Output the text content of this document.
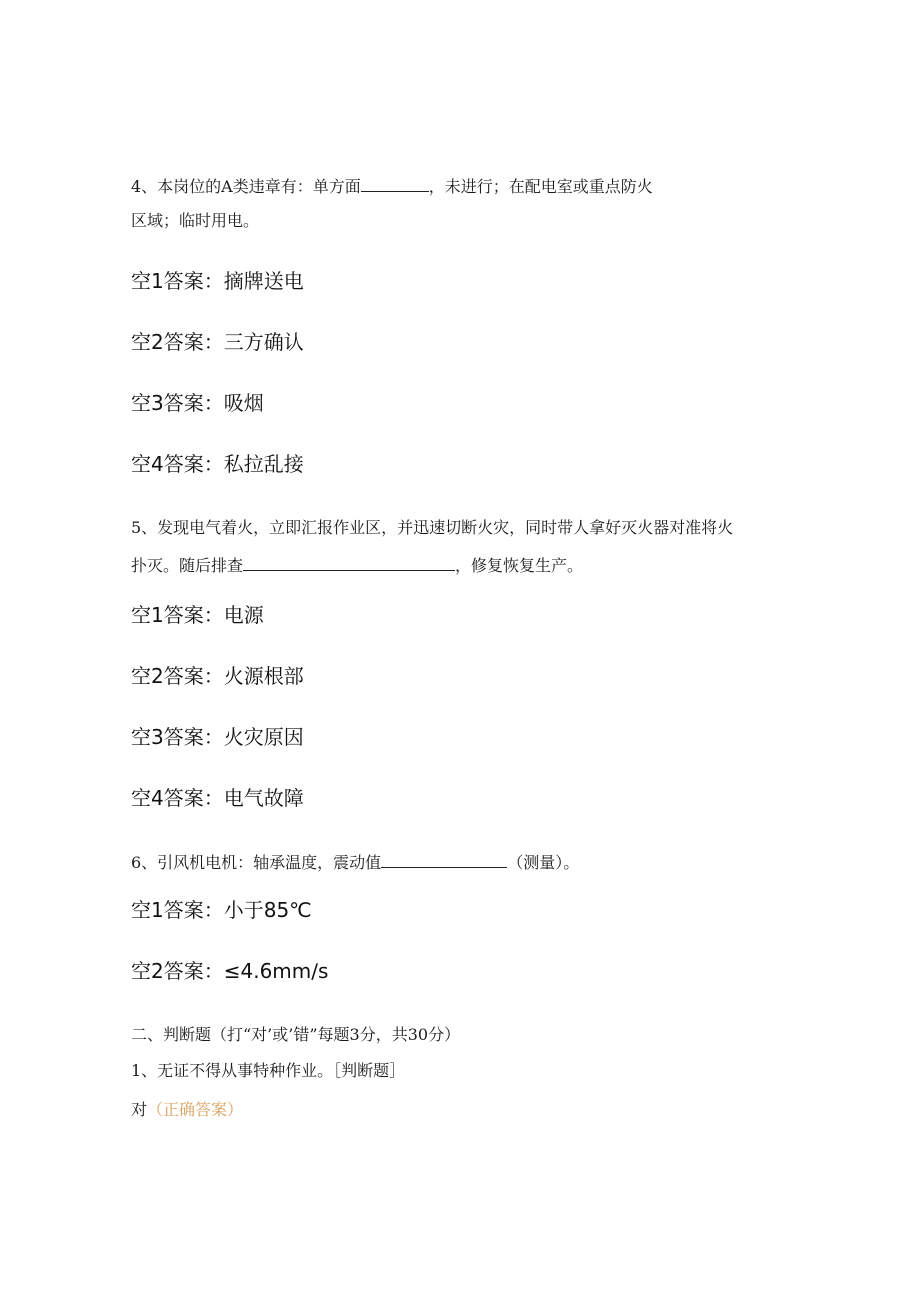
4、本岗位的A类违章有：单方面	，未进行；在配电室或重点防火
区域；临时用电。
空1答案：摘牌送电
空2答案：三方确认
空3答案：吸烟
空4答案：私拉乱接
5、发现电气着火，立即汇报作业区，并迅速切断火灾，同时带人拿好灭火器对准将火
扑灭。随后排查	，修复恢复生产。
空1答案：电源
空2答案：火源根部
空3答案：火灾原因
空4答案：电气故障
6、引风机电机：轴承温度，震动值	（测量）。
空1答案：小于85℃
空2答案：≤4.6mm∕s
二、判断题（打“对’或’错”每题3分，共30分）
1、无证不得从事特种作业。［判断题］
对（正确答案）
